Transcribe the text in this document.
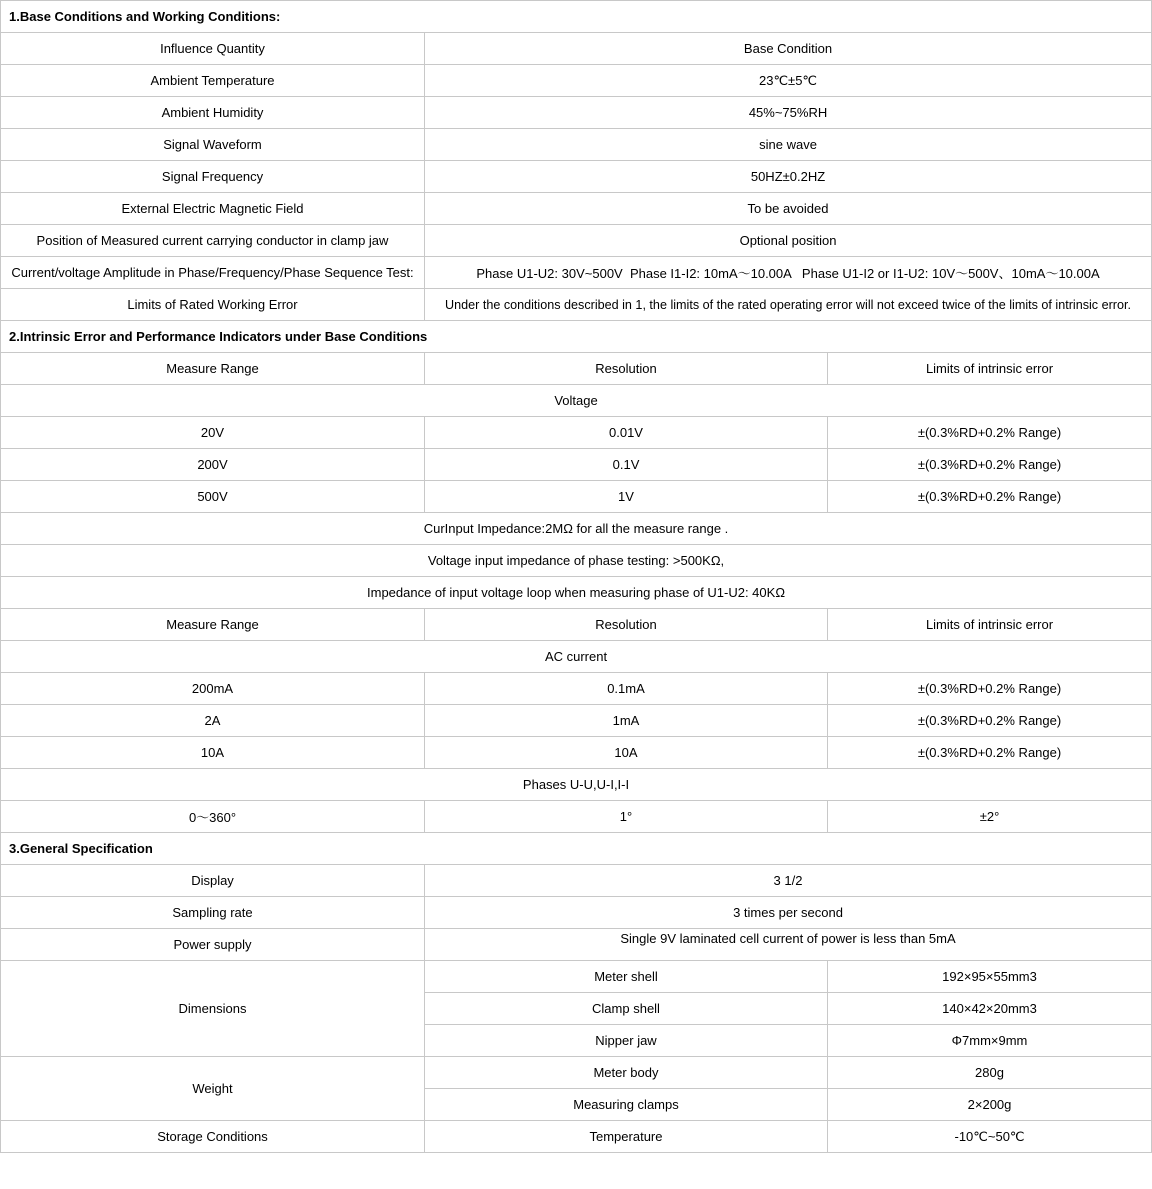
1.Base Conditions and Working Conditions:		
Influence Quantity	Base Condition	
Ambient Temperature	23℃±5℃	
Ambient Humidity	45%~75%RH	
Signal Waveform	sine wave	
Signal Frequency	50HZ±0.2HZ	
External Electric Magnetic Field	To be avoided	
Position of Measured current carrying conductor in clamp jaw	Optional position	
Current/voltage Amplitude in Phase/Frequency/Phase Sequence Test:	Phase U1-U2: 30V~500V  Phase I1-I2: 10mA～10.00A   Phase U1-I2 or I1-U2: 10V～500V、10mA～10.00A	
Limits of Rated Working Error	Under the conditions described in 1, the limits of the rated operating error will not exceed twice of the limits of intrinsic error.	
2.Intrinsic Error and Performance Indicators under Base Conditions		
Measure Range	Resolution	Limits of intrinsic error
Voltage		
20V	0.01V	±(0.3%RD+0.2% Range)
200V	0.1V	±(0.3%RD+0.2% Range)
500V	1V	±(0.3%RD+0.2% Range)
CurInput Impedance:2MΩ for all the measure range .		
Voltage input impedance of phase testing: >500KΩ,		
Impedance of input voltage loop when measuring phase of U1-U2: 40KΩ		
Measure Range	Resolution	Limits of intrinsic error
AC current		
200mA	0.1mA	±(0.3%RD+0.2% Range)
2A	1mA	±(0.3%RD+0.2% Range)
10A	10A	±(0.3%RD+0.2% Range)
Phases U-U,U-I,I-I		
0～360°	1°	±2°
3.General Specification		
Display	3 1/2	
Sampling rate	3 times per second	
Power supply	Single 9V laminated cell current of power is less than 5mA	
Dimensions	Meter shell	192×95×55mm3
	Clamp shell	140×42×20mm3
	Nipper jaw	Φ7mm×9mm
Weight	Meter body	280g
	Measuring clamps	2×200g
Storage Conditions	Temperature	-10℃~50℃
